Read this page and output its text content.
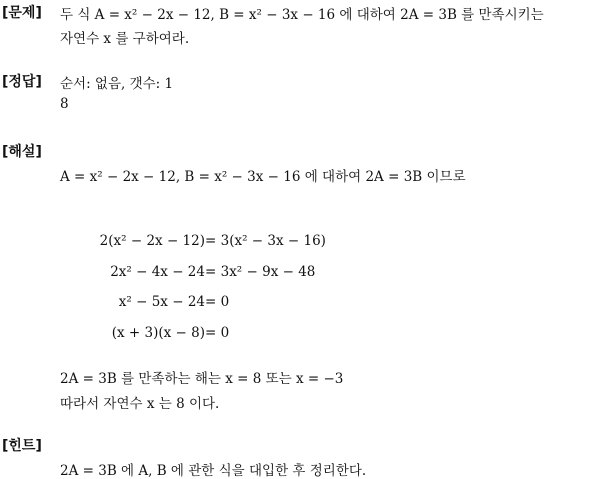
[문제] 두 식 A = x² − 2x − 12, B = x² − 3x − 16 에 대하여 2A = 3B 를 만족시키는
자연수 x 를 구하여라.
[정답] 순서: 없음, 갯수: 1
8
[해설]
A = x² − 2x − 12, B = x² − 3x − 16 에 대하여 2A = 3B 이므로
2(x² − 2x − 12) = 3(x² − 3x − 16)
2x² − 4x − 24 = 3x² − 9x − 48
x² − 5x − 24 = 0
(x + 3)(x − 8) = 0
2A = 3B 를 만족하는 해는 x = 8 또는 x = −3
따라서 자연수 x 는 8 이다.
[힌트]
2A = 3B 에 A, B 에 관한 식을 대입한 후 정리한다.
